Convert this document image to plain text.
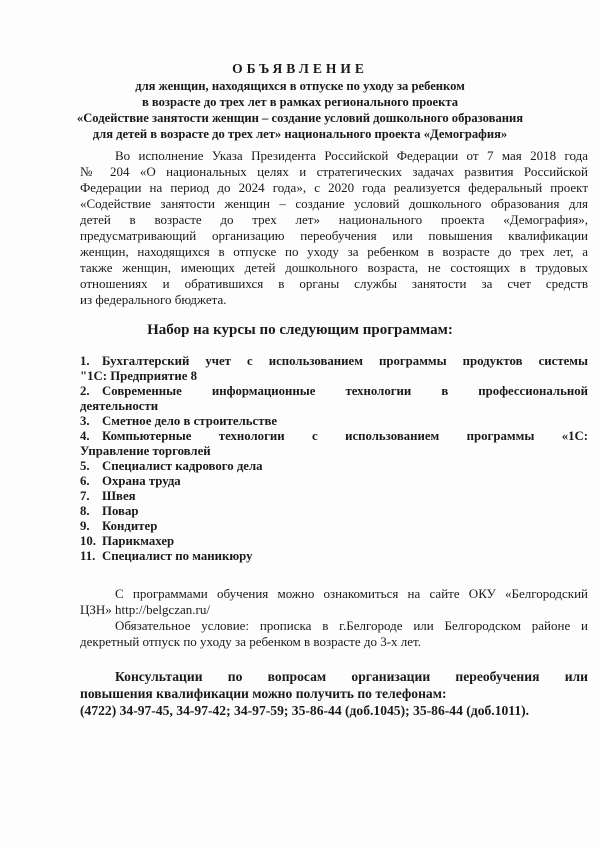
ОБЪЯВЛЕНИЕ
для женщин, находящихся в отпуске по уходу за ребенком
в возрасте до трех лет в рамках регионального проекта
«Содействие занятости женщин – создание условий дошкольного образования
для детей в возрасте до трех лет» национального проекта «Демография»
Во исполнение Указа Президента Российской Федерации от 7 мая 2018 года
№ 204 «О национальных целях и стратегических задачах развития Российской
Федерации на период до 2024 года», с 2020 года реализуется федеральный проект
«Содействие занятости женщин – создание условий дошкольного образования для
детей в возрасте до трех лет» национального проекта «Демография»,
предусматривающий организацию переобучения или повышения квалификации
женщин, находящихся в отпуске по уходу за ребенком в возрасте до трех лет, а
также женщин, имеющих детей дошкольного возраста, не состоящих в трудовых
отношениях и обратившихся в органы службы занятости за счет средств
из федерального бюджета.
Набор на курсы по следующим программам:
1. Бухгалтерский учет с использованием программы продуктов системы
"1С: Предприятие 8
2. Современные информационные технологии в профессиональной
деятельности
3. Сметное дело в строительстве
4. Компьютерные технологии с использованием программы «1С:
Управление торговлей
5. Специалист кадрового дела
6. Охрана труда
7. Швея
8. Повар
9. Кондитер
10. Парикмахер
11. Специалист по маникюру
С программами обучения можно ознакомиться на сайте ОКУ «Белгородский
ЦЗН» http://belgczan.ru/
Обязательное условие: прописка в г.Белгороде или Белгородском районе и
декретный отпуск по уходу за ребенком в возрасте до 3-х лет.
Консультации по вопросам организации переобучения или
повышения квалификации можно получить по телефонам:
(4722) 34-97-45, 34-97-42; 34-97-59; 35-86-44 (доб.1045); 35-86-44 (доб.1011).
